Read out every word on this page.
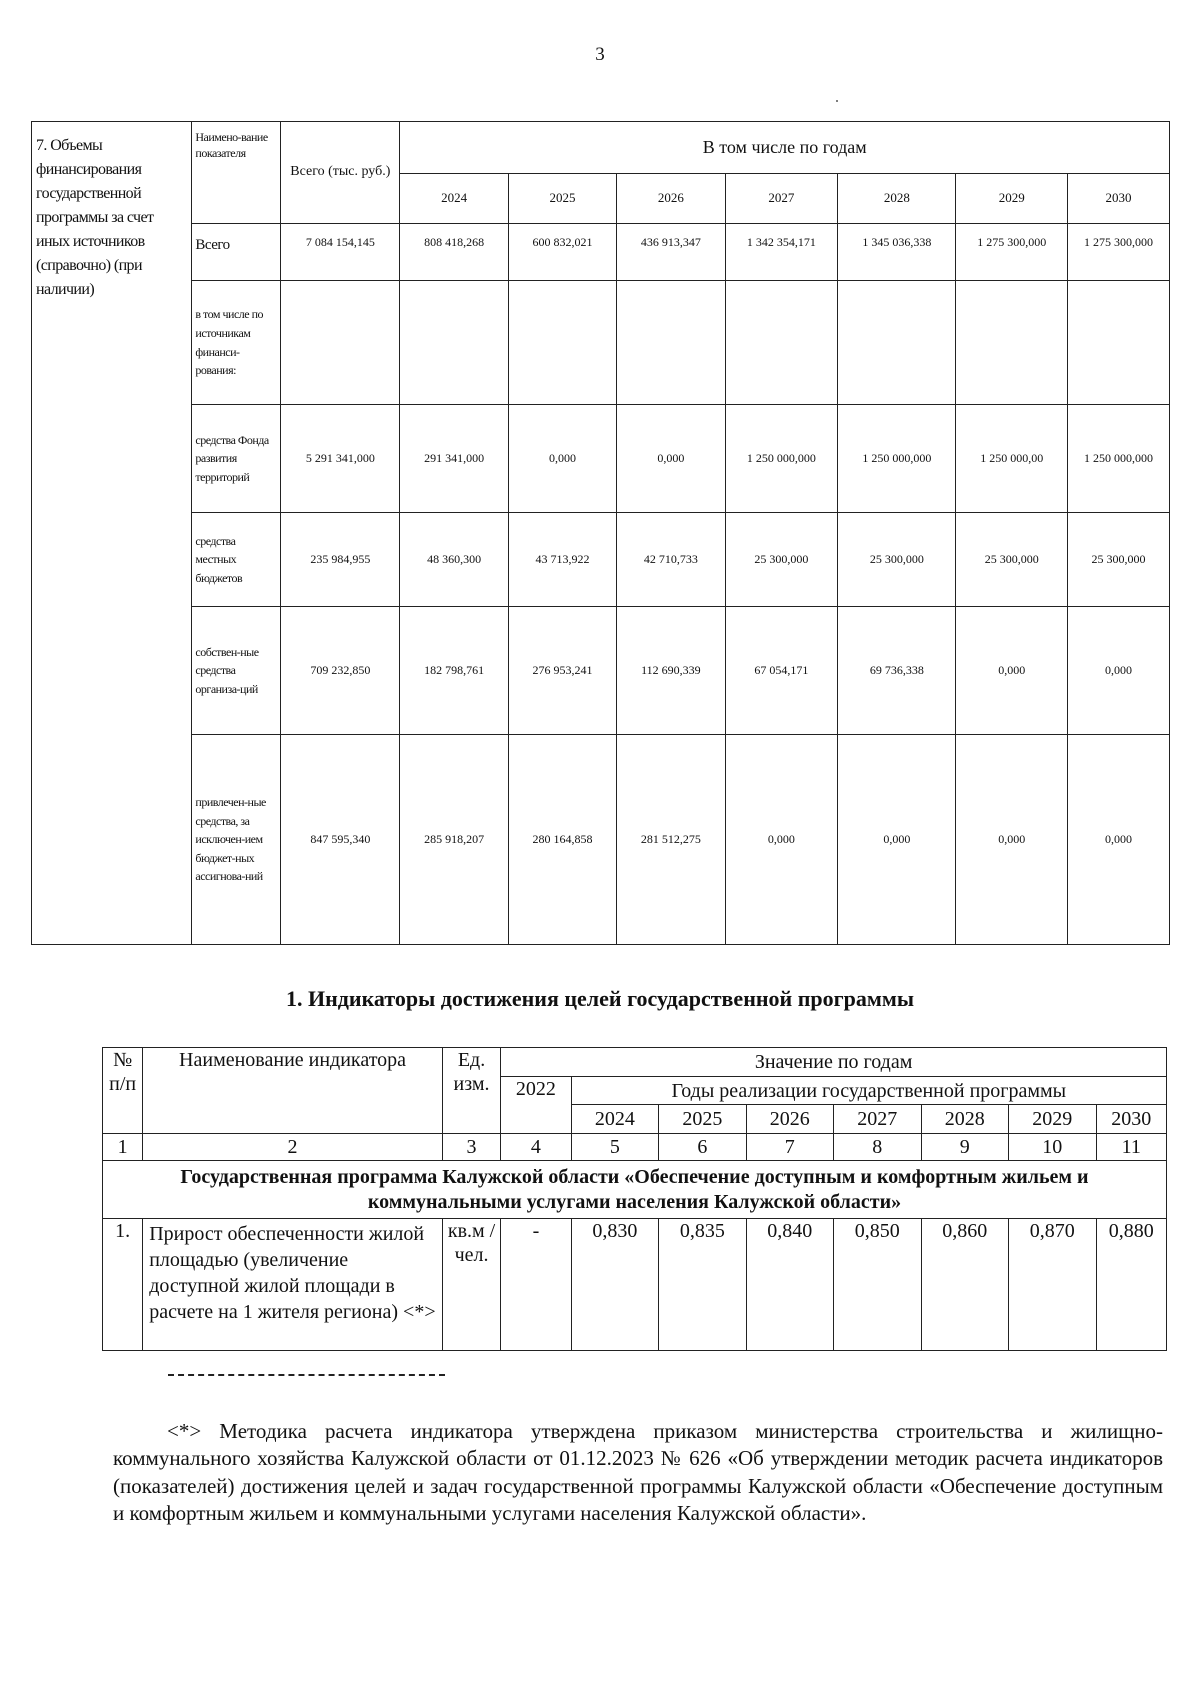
3
7. Объемы финансирования государственной программы за счет иных источников (справочно) (при наличии)	Наимено-вание показателя	Всего (тыс. руб.)	В том числе по годам						
			2024	2025	2026	2027	2028	2029	2030
	Всего	7 084 154,145	808 418,268	600 832,021	436 913,347	1 342 354,171	1 345 036,338	1 275 300,000	1 275 300,000
	в том числе по источникам финанси-рования:								
	средства Фонда развития территорий	5 291 341,000	291 341,000	0,000	0,000	1 250 000,000	1 250 000,000	1 250 000,00	1 250 000,000
	средства местных бюджетов	235 984,955	48 360,300	43 713,922	42 710,733	25 300,000	25 300,000	25 300,000	25 300,000
	собствен-ные средства организа-ций	709 232,850	182 798,761	276 953,241	112 690,339	67 054,171	69 736,338	0,000	0,000
	привлечен-ные средства, за исключен-ием бюджет-ных ассигнова-ний	847 595,340	285 918,207	280 164,858	281 512,275	0,000	0,000	0,000	0,000
1. Индикаторы достижения целей государственной программы
№ п/п	Наименование индикатора	Ед. изм.	Значение по годам							
			2022	Годы реализации государственной программы						
				2024	2025	2026	2027	2028	2029	2030
1	2	3	4	5	6	7	8	9	10	11
Государственная программа Калужской области «Обеспечение доступным и комфортным жильем и коммунальными услугами населения Калужской области»										
1.	Прирост обеспеченности жилой площадью (увеличение доступной жилой площади в расчете на 1 жителя региона) <*>	кв.м /чел.	-	0,830	0,835	0,840	0,850	0,860	0,870	0,880

<*> Методика расчета индикатора утверждена приказом министерства строительства и жилищно-коммунального хозяйства Калужской области от 01.12.2023 № 626 «Об утверждении методик расчета индикаторов (показателей) достижения целей и задач государственной программы Калужской области «Обеспечение доступным и комфортным жильем и коммунальными услугами населения Калужской области».
